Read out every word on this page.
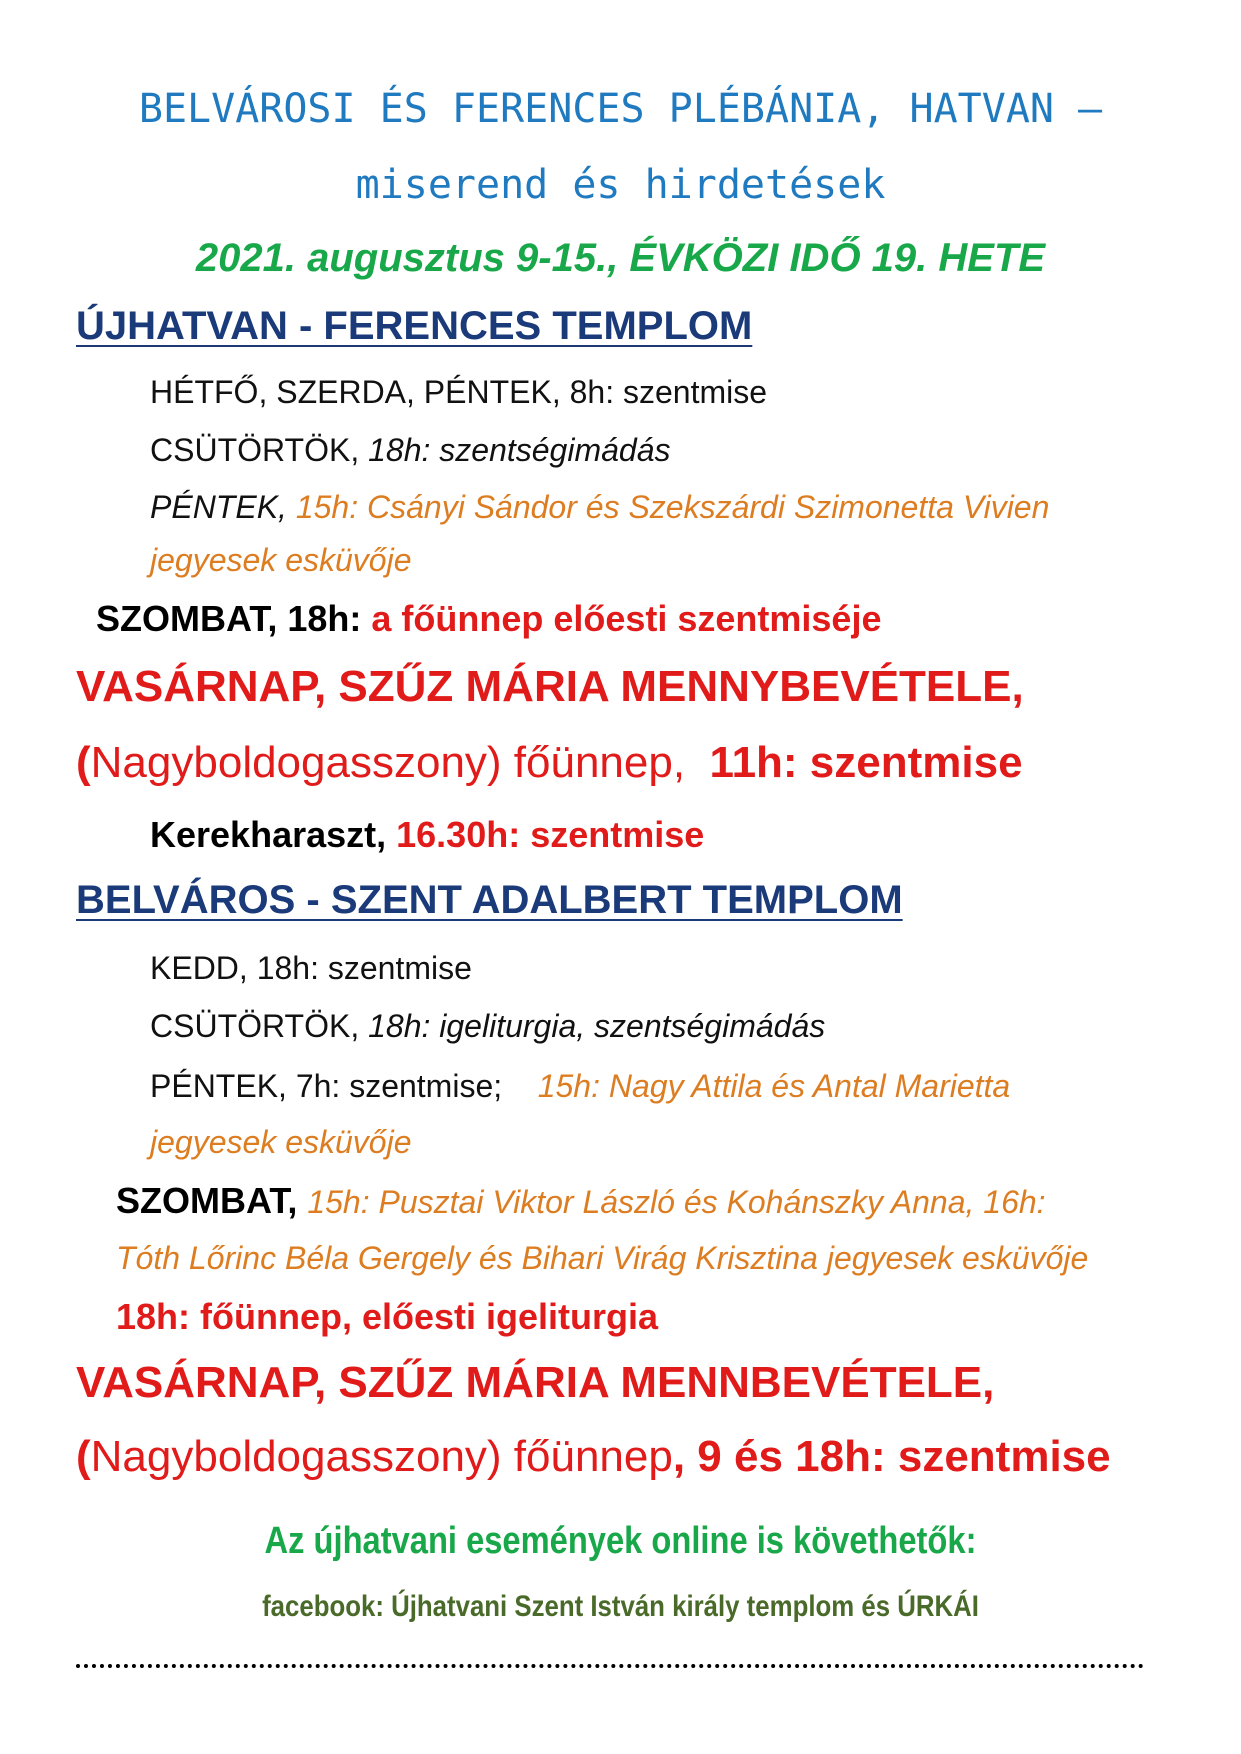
BELVÁROSI ÉS FERENCES PLÉBÁNIA, HATVAN –
miserend és hirdetések
2021. augusztus 9-15., ÉVKÖZI IDŐ 19. HETE
ÚJHATVAN - FERENCES TEMPLOM
HÉTFŐ, SZERDA, PÉNTEK, 8h: szentmise
CSÜTÖRTÖK, 18h: szentségimádás
PÉNTEK, 15h: Csányi Sándor és Szekszárdi Szimonetta Vivien
jegyesek esküvője
SZOMBAT, 18h: a főünnep előesti szentmiséje
VASÁRNAP, SZŰZ MÁRIA MENNYBEVÉTELE,
(Nagyboldogasszony) főünnep, 11h: szentmise
Kerekharaszt, 16.30h: szentmise
BELVÁROS - SZENT ADALBERT TEMPLOM
KEDD, 18h: szentmise
CSÜTÖRTÖK, 18h: igeliturgia, szentségimádás
PÉNTEK, 7h: szentmise; 15h: Nagy Attila és Antal Marietta
jegyesek esküvője
SZOMBAT, 15h: Pusztai Viktor László és Kohánszky Anna, 16h:
Tóth Lőrinc Béla Gergely és Bihari Virág Krisztina jegyesek esküvője
18h: főünnep, előesti igeliturgia
VASÁRNAP, SZŰZ MÁRIA MENNBEVÉTELE,
(Nagyboldogasszony) főünnep, 9 és 18h: szentmise
Az újhatvani események online is követhetők:
facebook: Újhatvani Szent István király templom és ÚRKÁI
